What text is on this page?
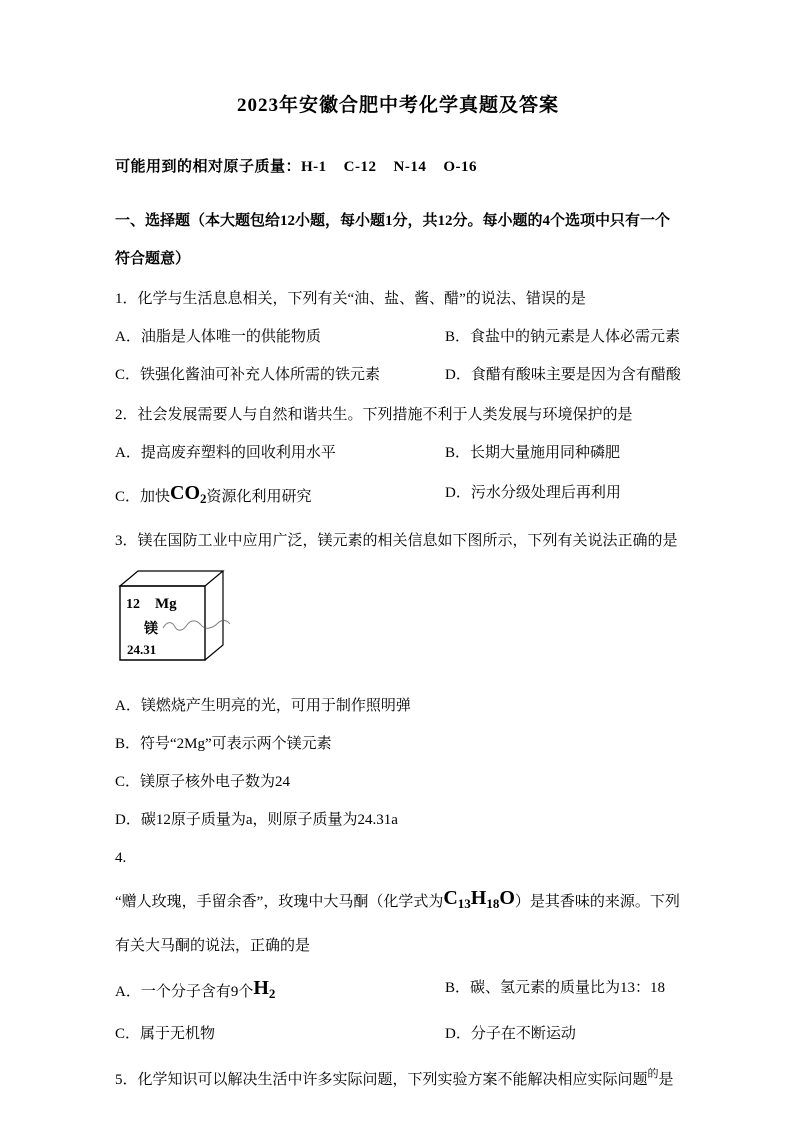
2023年安徽合肥中考化学真题及答案

可能用到的相对原子质量：H-1    C-12    N-14    O-16

一、选择题（本大题包给12小题，每小题1分，共12分。每小题的4个选项中只有一个符合题意）

1．化学与生活息息相关，下列有关“油、盐、酱、醋”的说法、错误的是

A．油脂是人体唯一的供能物质	B．食盐中的钠元素是人体必需元素
C．铁强化酱油可补充人体所需的铁元素	D．食醋有酸味主要是因为含有醋酸

2．社会发展需要人与自然和谐共生。下列措施不利于人类发展与环境保护的是

A．提高废弃塑料的回收利用水平	B．长期大量施用同种磷肥
C．加快$CO_2$资源化利用研究	D．污水分级处理后再利用

3．镁在国防工业中应用广泛，镁元素的相关信息如下图所示，下列有关说法正确的是

12 Mg
镁
24.31

A．镁燃烧产生明亮的光，可用于制作照明弹

B．符号“2Mg”可表示两个镁元素

C．镁原子核外电子数为24

D．碳12原子质量为a，则原子质量为24.31a

4.

“赠人玫瑰，手留余香”，玫瑰中大马酮（化学式为$C_{13}H_{18}O$）是其香味的来源。下列有关大马酮的说法，正确的是

A．一个分子含有9个$H_2$	B．碳、氢元素的质量比为13：18
C．属于无机物	D．分子在不断运动

5．化学知识可以解决生活中许多实际问题，下列实验方案不能解决相应实际问题$^的$是
